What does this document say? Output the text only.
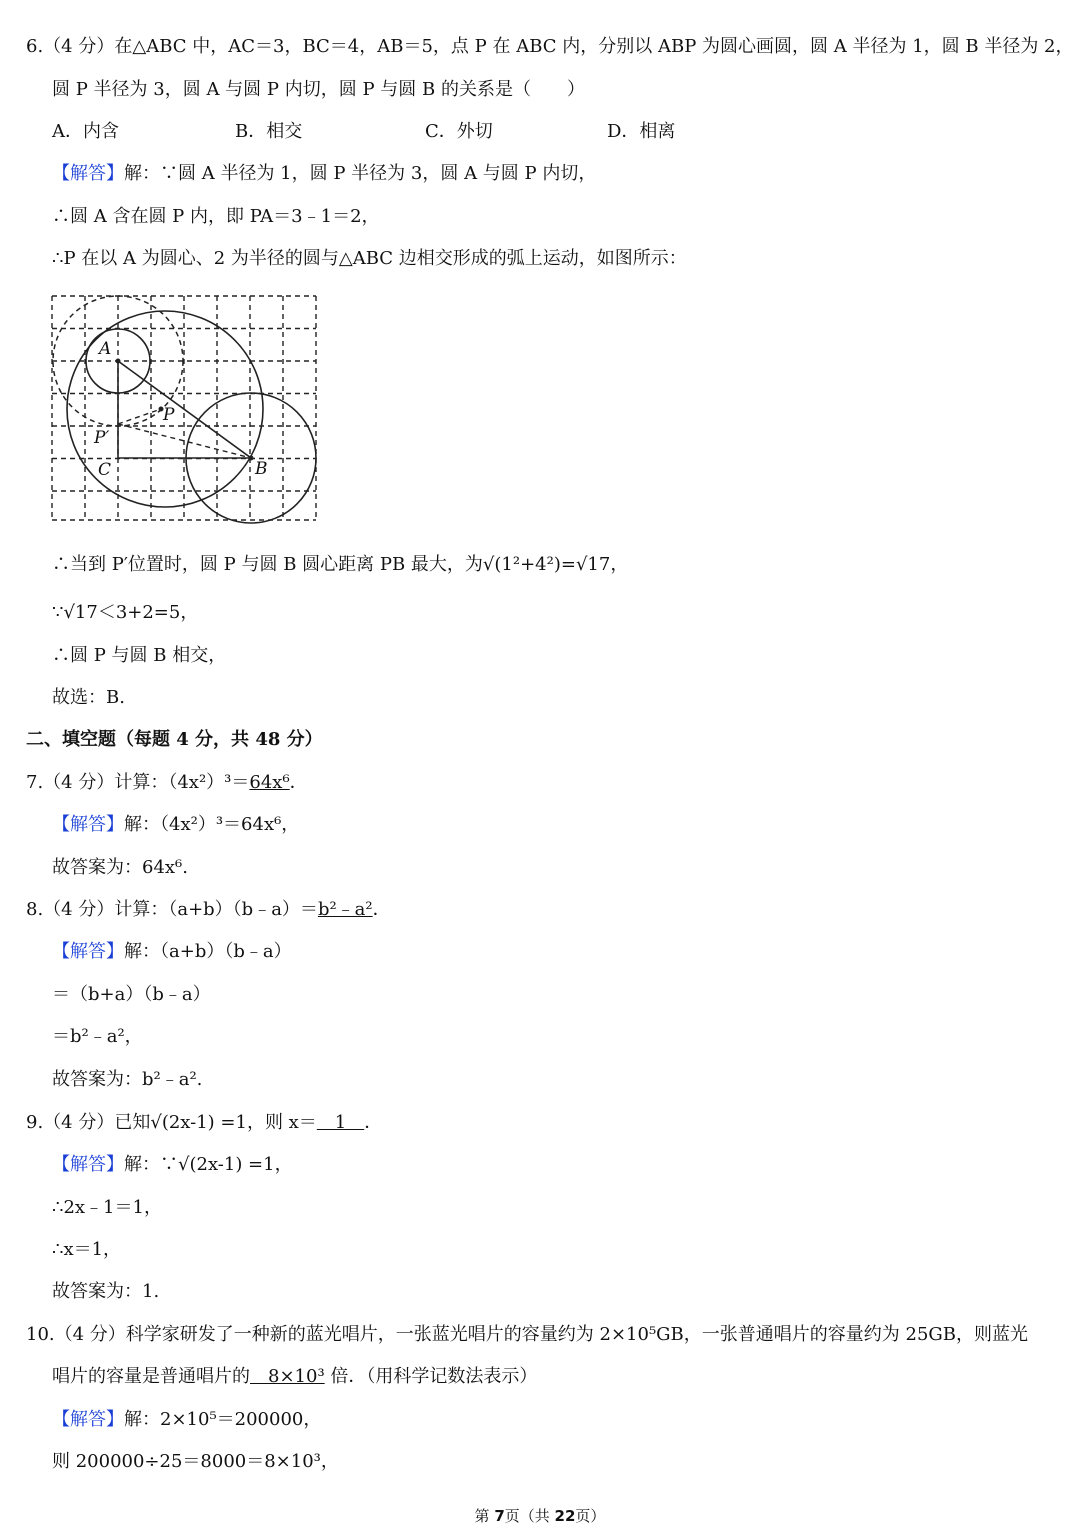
6.（4 分）在△ABC 中，AC＝3，BC＝4，AB＝5，点 P 在 ABC 内，分别以 ABP 为圆心画圆，圆 A 半径为 1，圆 B 半径为 2，
圆 P 半径为 3，圆 A 与圆 P 内切，圆 P 与圆 B 的关系是（　　）
A．内含	B．相交	C．外切	D．相离
【解答】解：∵圆 A 半径为 1，圆 P 半径为 3，圆 A 与圆 P 内切，
∴圆 A 含在圆 P 内，即 PA＝3﹣1＝2，
∴P 在以 A 为圆心、2 为半径的圆与△ABC 边相交形成的弧上运动，如图所示：
A
P
P′
C	B
∴当到 P′位置时，圆 P 与圆 B 圆心距离 PB 最大，为√(1²+4²)=√17，
∵√17＜3+2=5，
∴圆 P 与圆 B 相交，
故选：B.
二、填空题（每题 4 分，共 48 分）
7.（4 分）计算：（4x²）³＝64x⁶．
【解答】解：（4x²）³＝64x⁶，
故答案为：64x⁶.
8.（4 分）计算：（a+b）（b﹣a）＝b²﹣a²．
【解答】解：（a+b）（b﹣a）
＝（b+a）（b﹣a）
＝b²﹣a²，
故答案为：b²﹣a².
9.（4 分）已知√(2x-1) =1，则 x＝　1　．
【解答】解：∵√(2x-1) =1，
∴2x﹣1＝1，
∴x＝1，
故答案为：1.
10.（4 分）科学家研发了一种新的蓝光唱片，一张蓝光唱片的容量约为 2×10⁵GB，一张普通唱片的容量约为 25GB，则蓝光
唱片的容量是普通唱片的　8×10³ 倍．（用科学记数法表示）
【解答】解：2×10⁵＝200000，
则 200000÷25＝8000＝8×10³，
第 7页（共 22页）
